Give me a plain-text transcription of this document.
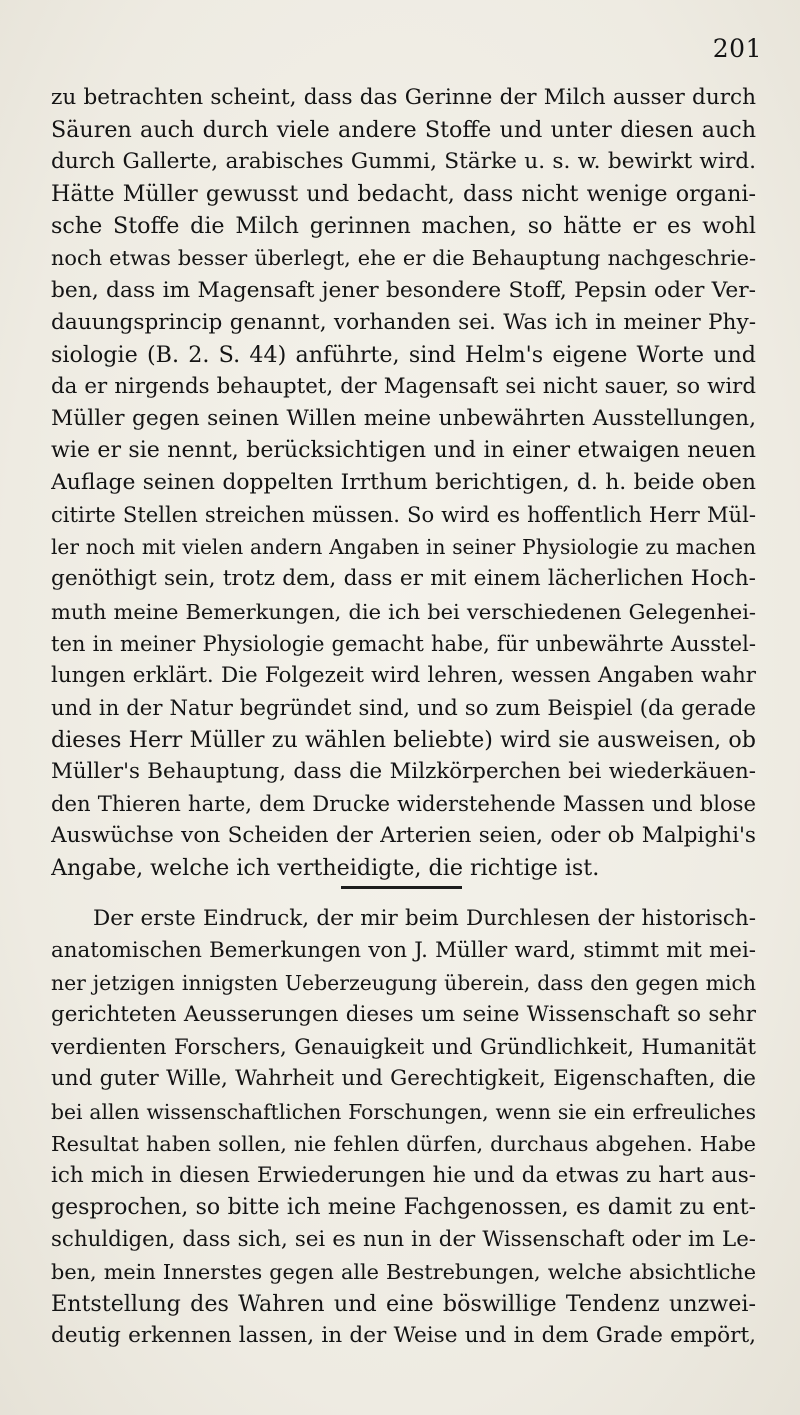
201

zu betrachten scheint, dass das Gerinne der Milch ausser durch
Säuren auch durch viele andere Stoffe und unter diesen auch
durch Gallerte, arabisches Gummi, Stärke u. s. w. bewirkt wird.
Hätte Müller gewusst und bedacht, dass nicht wenige organi-
sche Stoffe die Milch gerinnen machen, so hätte er es wohl
noch etwas besser überlegt, ehe er die Behauptung nachgeschrie-
ben, dass im Magensaft jener besondere Stoff, Pepsin oder Ver-
dauungsprincip genannt, vorhanden sei. Was ich in meiner Phy-
siologie (B. 2. S. 44) anführte, sind Helm's eigene Worte und
da er nirgends behauptet, der Magensaft sei nicht sauer, so wird
Müller gegen seinen Willen meine unbewährten Ausstellungen,
wie er sie nennt, berücksichtigen und in einer etwaigen neuen
Auflage seinen doppelten Irrthum berichtigen, d. h. beide oben
citirte Stellen streichen müssen. So wird es hoffentlich Herr Mül-
ler noch mit vielen andern Angaben in seiner Physiologie zu machen
genöthigt sein, trotz dem, dass er mit einem lächerlichen Hoch-
muth meine Bemerkungen, die ich bei verschiedenen Gelegenhei-
ten in meiner Physiologie gemacht habe, für unbewährte Ausstel-
lungen erklärt. Die Folgezeit wird lehren, wessen Angaben wahr
und in der Natur begründet sind, und so zum Beispiel (da gerade
dieses Herr Müller zu wählen beliebte) wird sie ausweisen, ob
Müller's Behauptung, dass die Milzkörperchen bei wiederkäuen-
den Thieren harte, dem Drucke widerstehende Massen und blose
Auswüchse von Scheiden der Arterien seien, oder ob Malpighi's
Angabe, welche ich vertheidigte, die richtige ist.
Der erste Eindruck, der mir beim Durchlesen der historisch-
anatomischen Bemerkungen von J. Müller ward, stimmt mit mei-
ner jetzigen innigsten Ueberzeugung überein, dass den gegen mich
gerichteten Aeusserungen dieses um seine Wissenschaft so sehr
verdienten Forschers, Genauigkeit und Gründlichkeit, Humanität
und guter Wille, Wahrheit und Gerechtigkeit, Eigenschaften, die
bei allen wissenschaftlichen Forschungen, wenn sie ein erfreuliches
Resultat haben sollen, nie fehlen dürfen, durchaus abgehen. Habe
ich mich in diesen Erwiederungen hie und da etwas zu hart aus-
gesprochen, so bitte ich meine Fachgenossen, es damit zu ent-
schuldigen, dass sich, sei es nun in der Wissenschaft oder im Le-
ben, mein Innerstes gegen alle Bestrebungen, welche absichtliche
Entstellung des Wahren und eine böswillige Tendenz unzwei-
deutig erkennen lassen, in der Weise und in dem Grade empört,
